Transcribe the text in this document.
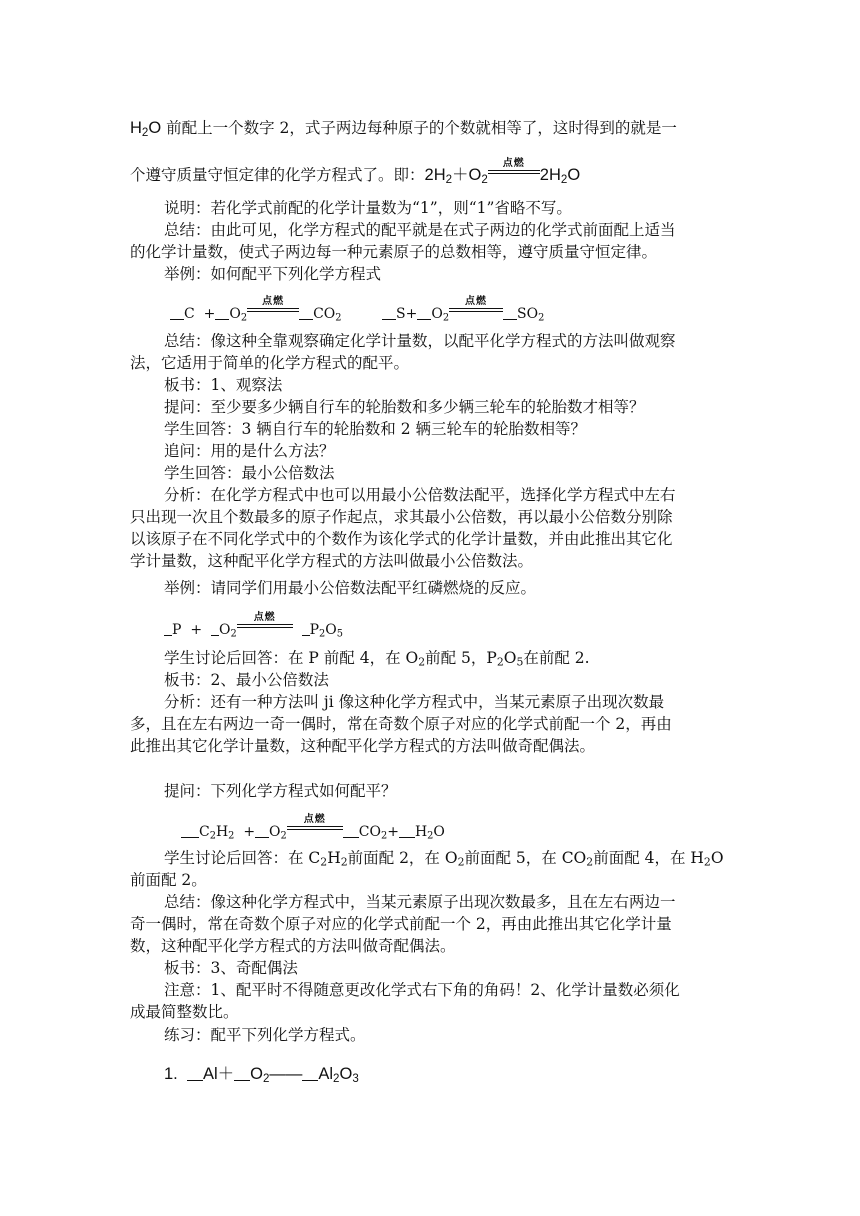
$H_2O$ 前配上一个数字 2，式子两边每种原子的个数就相等了，这时得到的就是一
个遵守质量守恒定律的化学方程式了。即：$2H_2+O_2$
点燃
$2H_2O$
说明：若化学式前配的化学计量数为“1”，则“1”省略不写。
总结：由此可见，化学方程式的配平就是在式子两边的化学式前面配上适当
的化学计量数，使式子两边每一种元素原子的总数相等，遵守质量守恒定律。
举例：如何配平下列化学方程式
$C + O_2$
点燃
$CO_2$	$S+ O_2$
点燃
$SO_2$
总结：像这种全靠观察确定化学计量数，以配平化学方程式的方法叫做观察
法，它适用于简单的化学方程式的配平。
板书：1、观察法
提问：至少要多少辆自行车的轮胎数和多少辆三轮车的轮胎数才相等？
学生回答：3 辆自行车的轮胎数和 2 辆三轮车的轮胎数相等？
追问：用的是什么方法？
学生回答：最小公倍数法
分析：在化学方程式中也可以用最小公倍数法配平，选择化学方程式中左右
只出现一次且个数最多的原子作起点，求其最小公倍数，再以最小公倍数分别除
以该原子在不同化学式中的个数作为该化学式的化学计量数，并由此推出其它化
学计量数，这种配平化学方程式的方法叫做最小公倍数法。
举例：请同学们用最小公倍数法配平红磷燃烧的反应。
$P + O_2$
点燃
$P_2O_5$
学生讨论后回答：在 P 前配 4，在 $O_2$前配 5，$P_2O_5$在前配 2.
板书：2、最小公倍数法
分析：还有一种方法叫 ji 像这种化学方程式中，当某元素原子出现次数最
多，且在左右两边一奇一偶时，常在奇数个原子对应的化学式前配一个 2，再由
此推出其它化学计量数，这种配平化学方程式的方法叫做奇配偶法。
提问：下列化学方程式如何配平？
$C_2H_2 + O_2$
点燃
$CO_2+ H_2O$
学生讨论后回答：在 $C_2H_2$前面配 2，在 $O_2$前面配 5，在 $CO_2$前面配 4，在 $H_2O$
前面配 2。
总结：像这种化学方程式中，当某元素原子出现次数最多，且在左右两边一
奇一偶时，常在奇数个原子对应的化学式前配一个 2，再由此推出其它化学计量
数，这种配平化学方程式的方法叫做奇配偶法。
板书：3、奇配偶法
注意：1、配平时不得随意更改化学式右下角的角码！2、化学计量数必须化
成最简整数比。
练习：配平下列化学方程式。
1. $Al+ O_2——$ $Al_2O_3$
